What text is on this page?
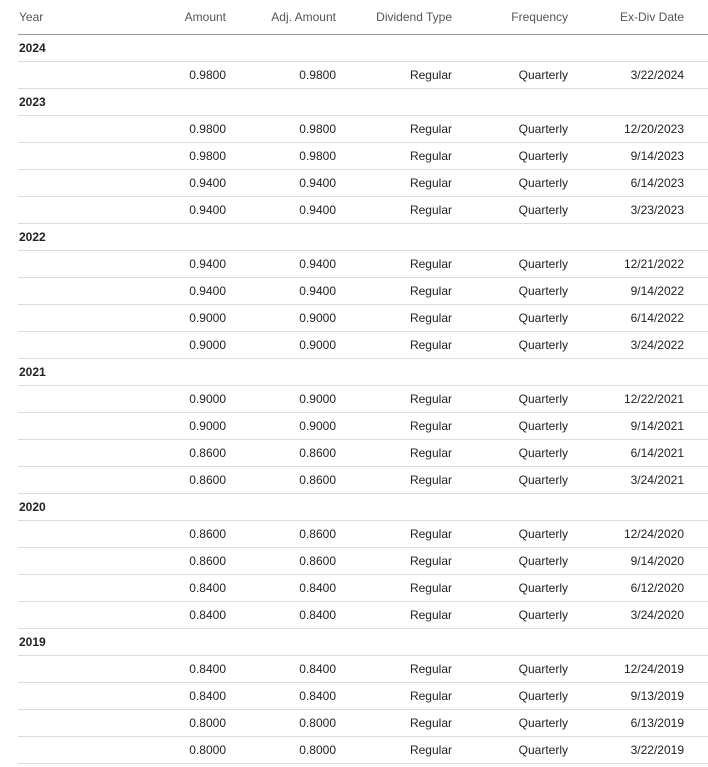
Year	Amount	Adj. Amount	Dividend Type	Frequency	Ex-Div Date
2024
0.9800	0.9800	Regular	Quarterly	3/22/2024
2023
0.9800	0.9800	Regular	Quarterly	12/20/2023
0.9800	0.9800	Regular	Quarterly	9/14/2023
0.9400	0.9400	Regular	Quarterly	6/14/2023
0.9400	0.9400	Regular	Quarterly	3/23/2023
2022
0.9400	0.9400	Regular	Quarterly	12/21/2022
0.9400	0.9400	Regular	Quarterly	9/14/2022
0.9000	0.9000	Regular	Quarterly	6/14/2022
0.9000	0.9000	Regular	Quarterly	3/24/2022
2021
0.9000	0.9000	Regular	Quarterly	12/22/2021
0.9000	0.9000	Regular	Quarterly	9/14/2021
0.8600	0.8600	Regular	Quarterly	6/14/2021
0.8600	0.8600	Regular	Quarterly	3/24/2021
2020
0.8600	0.8600	Regular	Quarterly	12/24/2020
0.8600	0.8600	Regular	Quarterly	9/14/2020
0.8400	0.8400	Regular	Quarterly	6/12/2020
0.8400	0.8400	Regular	Quarterly	3/24/2020
2019
0.8400	0.8400	Regular	Quarterly	12/24/2019
0.8400	0.8400	Regular	Quarterly	9/13/2019
0.8000	0.8000	Regular	Quarterly	6/13/2019
0.8000	0.8000	Regular	Quarterly	3/22/2019
